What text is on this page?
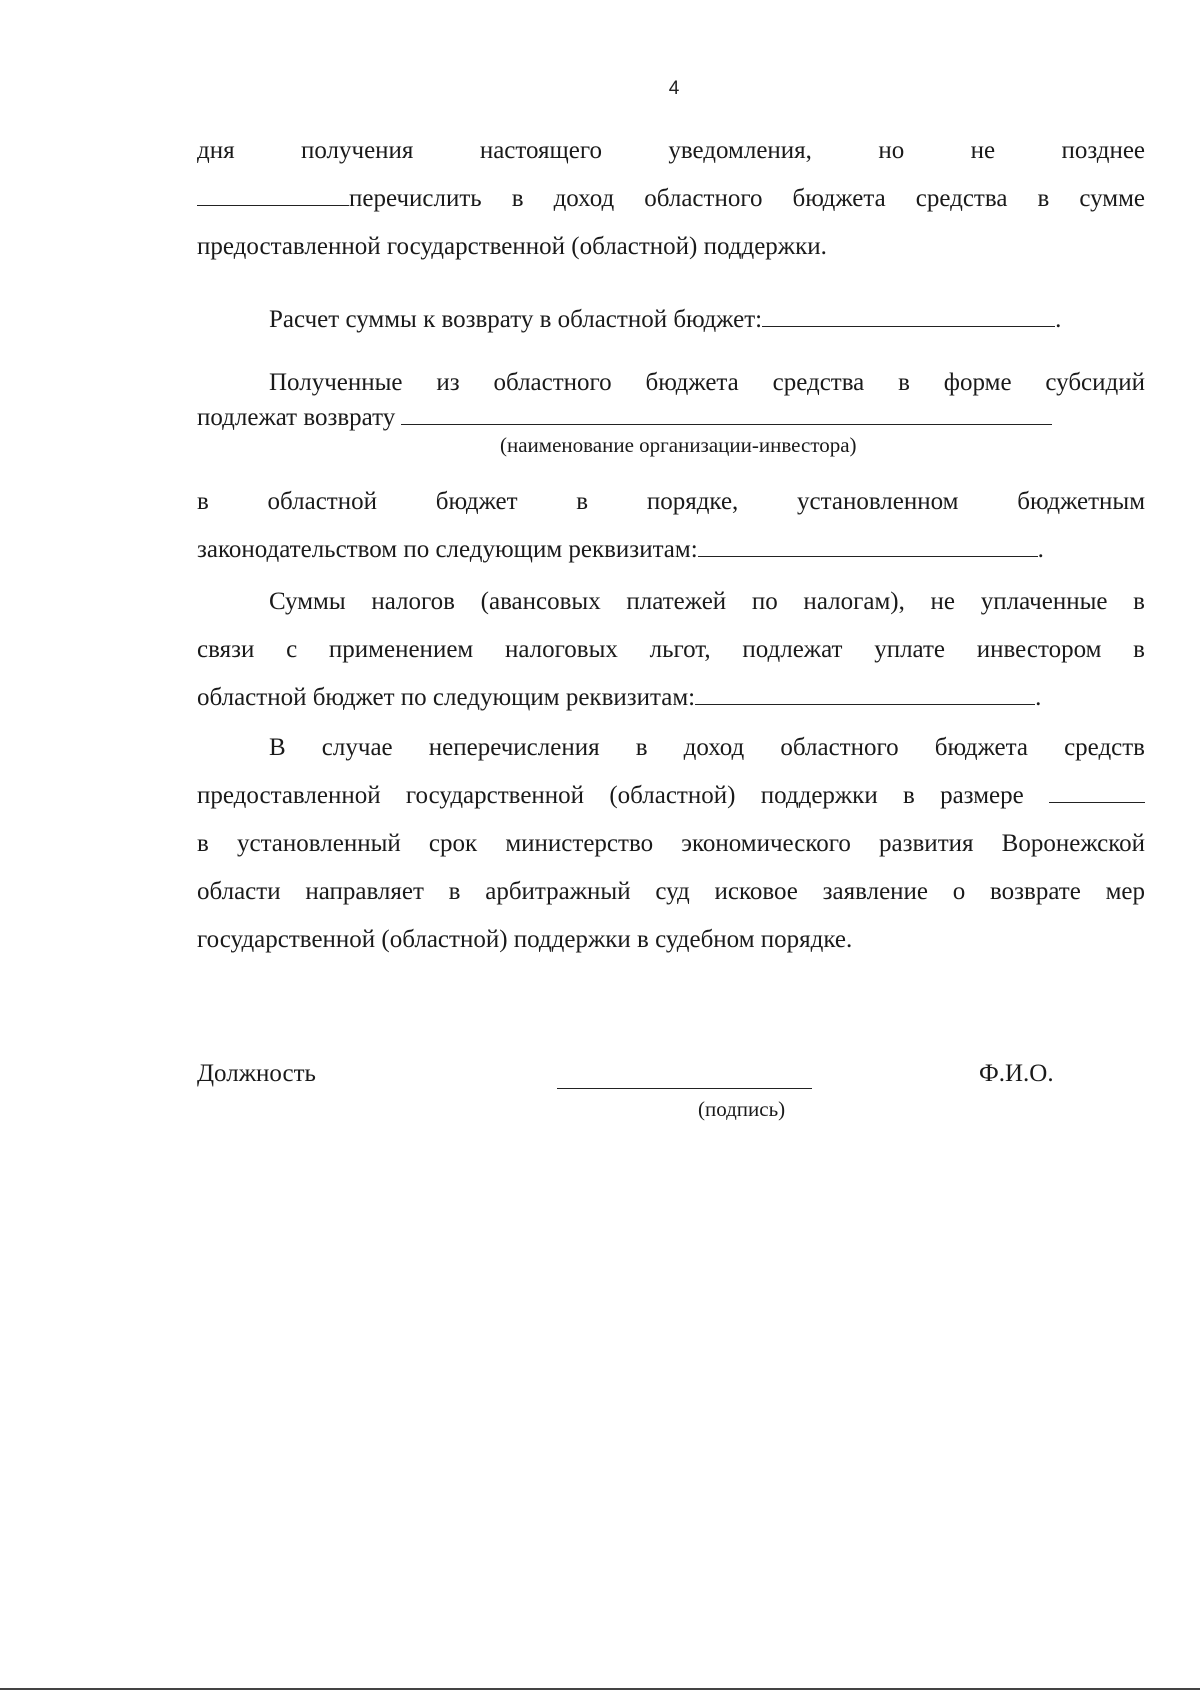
4
дня	получения	настоящего	уведомления,	но	не	позднее
перечислить в доход областного бюджета средства в сумме
предоставленной государственной (областной) поддержки.
Расчет суммы к возврату в областной бюджет:	.
Полученные из областного бюджета средства в форме субсидий
подлежат возврату
(наименование организации-инвестора)
в областной бюджет в порядке, установленном бюджетным
законодательством по следующим реквизитам:	.
Суммы налогов (авансовых платежей по налогам), не уплаченные в
связи с применением налоговых льгот, подлежат уплате инвестором в
областной бюджет по следующим реквизитам:	.
В случае неперечисления в доход областного бюджета средств
предоставленной государственной (областной) поддержки в размере
в установленный срок министерство экономического развития Воронежской
области направляет в арбитражный суд исковое заявление о возврате мер
государственной (областной) поддержки в судебном порядке.
Должность	Ф.И.О.
(подпись)
